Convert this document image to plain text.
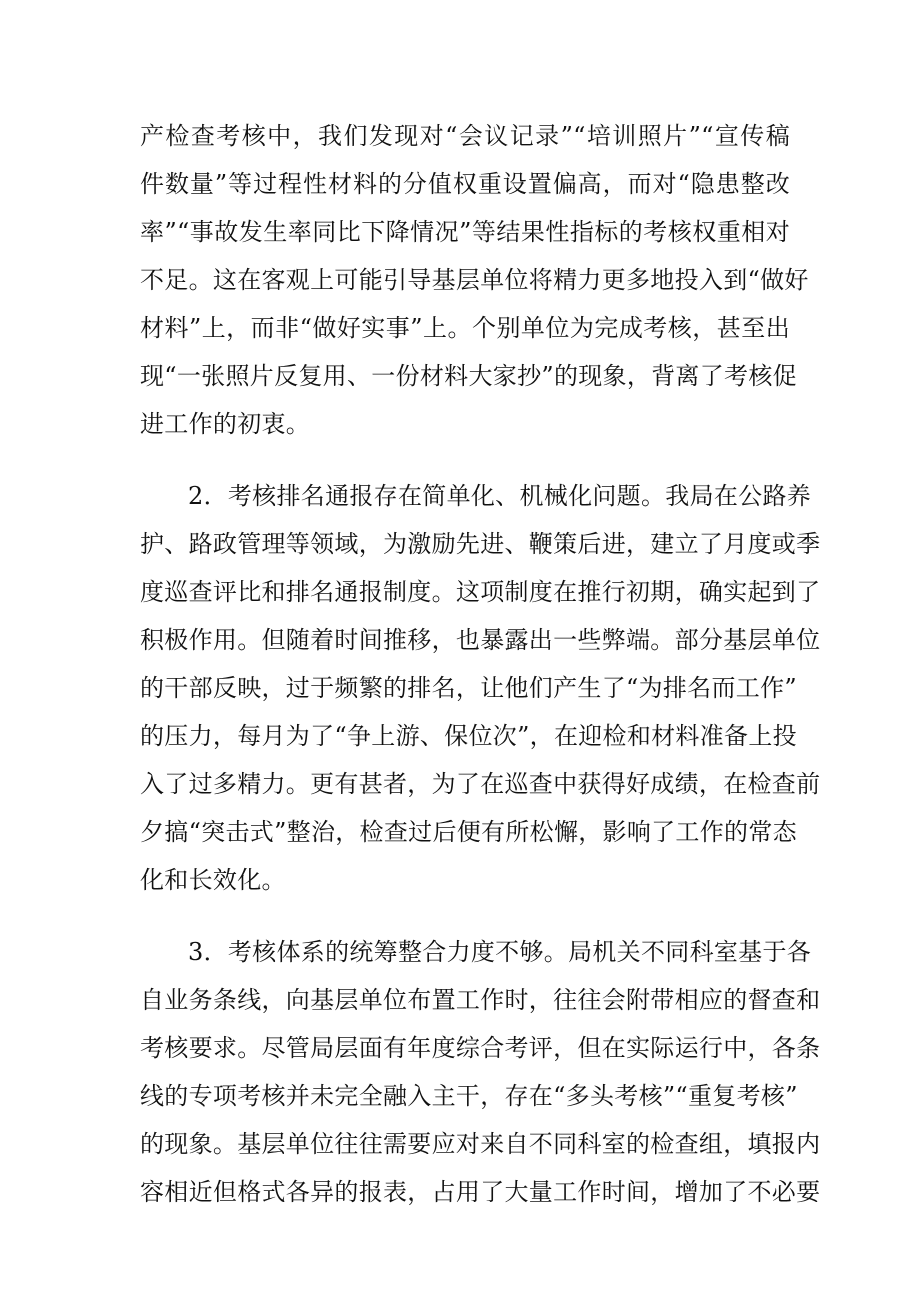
产检查考核中，我们发现对“会议记录”“培训照片”“宣传稿
件数量”等过程性材料的分值权重设置偏高，而对“隐患整改
率”“事故发生率同比下降情况”等结果性指标的考核权重相对
不足。这在客观上可能引导基层单位将精力更多地投入到“做好
材料”上，而非“做好实事”上。个别单位为完成考核，甚至出
现“一张照片反复用、一份材料大家抄”的现象，背离了考核促
进工作的初衷。
2．考核排名通报存在简单化、机械化问题。我局在公路养
护、路政管理等领域，为激励先进、鞭策后进，建立了月度或季
度巡查评比和排名通报制度。这项制度在推行初期，确实起到了
积极作用。但随着时间推移，也暴露出一些弊端。部分基层单位
的干部反映，过于频繁的排名，让他们产生了“为排名而工作”
的压力，每月为了“争上游、保位次”，在迎检和材料准备上投
入了过多精力。更有甚者，为了在巡查中获得好成绩，在检查前
夕搞“突击式”整治，检查过后便有所松懈，影响了工作的常态
化和长效化。
3．考核体系的统筹整合力度不够。局机关不同科室基于各
自业务条线，向基层单位布置工作时，往往会附带相应的督查和
考核要求。尽管局层面有年度综合考评，但在实际运行中，各条
线的专项考核并未完全融入主干，存在“多头考核”“重复考核”
的现象。基层单位往往需要应对来自不同科室的检查组，填报内
容相近但格式各异的报表，占用了大量工作时间，增加了不必要
